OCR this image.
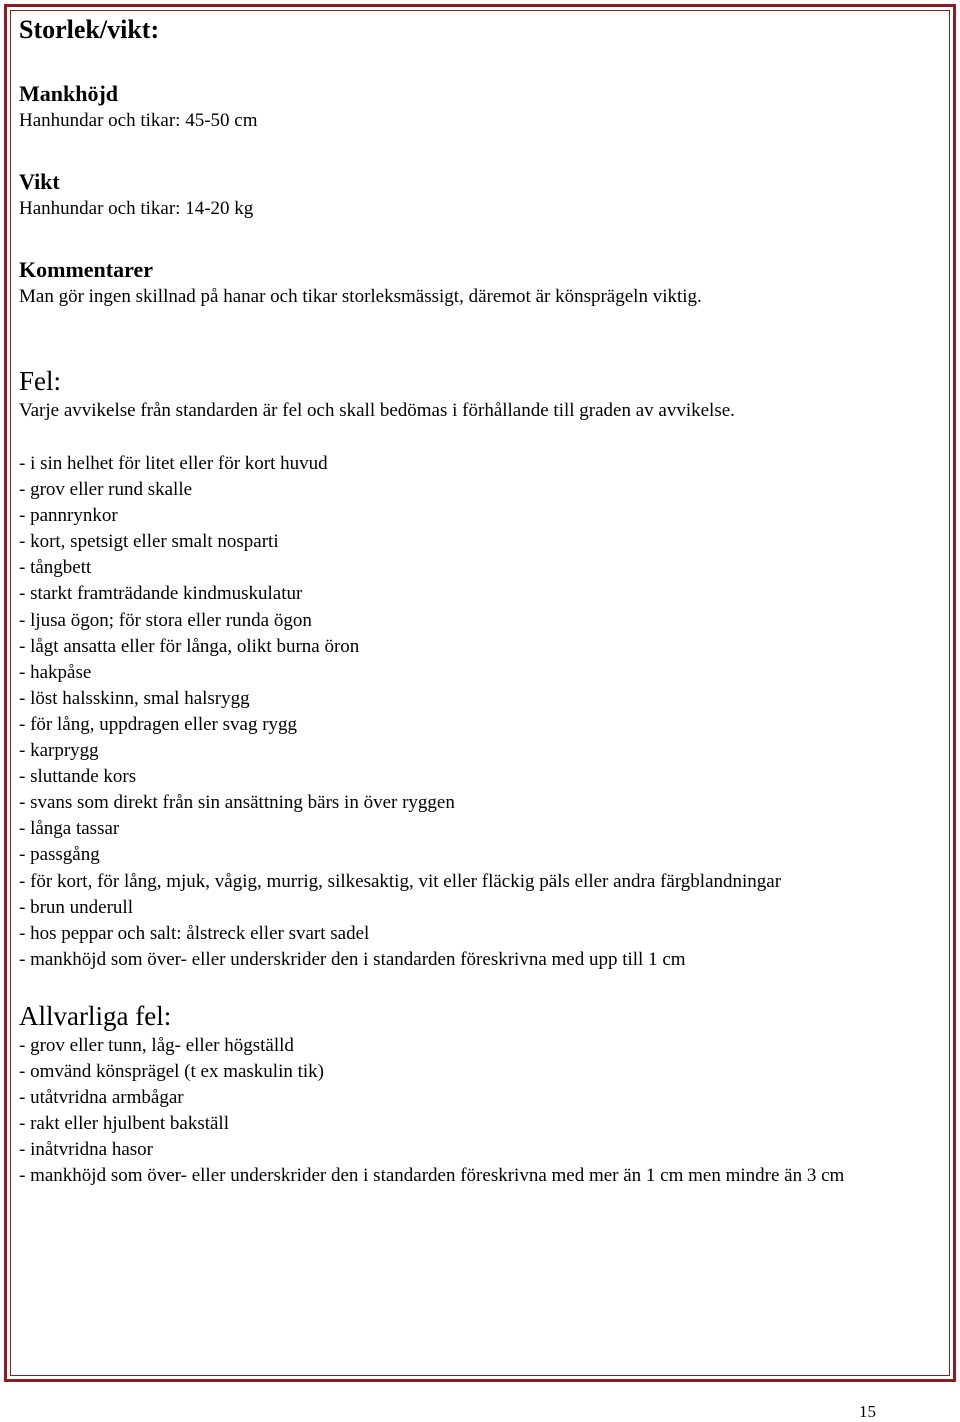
Storlek/vikt:
Mankhöjd

Hanhundar och tikar: 45-50 cm

Vikt

Hanhundar och tikar: 14-20 kg

Kommentarer

Man gör ingen skillnad på hanar och tikar storleksmässigt, däremot är könsprägeln viktig.

Fel:

Varje avvikelse från standarden är fel och skall bedömas i förhållande till graden av avvikelse.

- i sin helhet för litet eller för kort huvud
- grov eller rund skalle
- pannrynkor
- kort, spetsigt eller smalt nosparti
- tångbett
- starkt framträdande kindmuskulatur
- ljusa ögon; för stora eller runda ögon
- lågt ansatta eller för långa, olikt burna öron
- hakpåse
- löst halsskinn, smal halsrygg
- för lång, uppdragen eller svag rygg
- karprygg
- sluttande kors
- svans som direkt från sin ansättning bärs in över ryggen
- långa tassar
- passgång
- för kort, för lång, mjuk, vågig, murrig, silkesaktig, vit eller fläckig päls eller andra färgblandningar
- brun underull
- hos peppar och salt: ålstreck eller svart sadel
- mankhöjd som över- eller underskrider den i standarden föreskrivna med upp till 1 cm
Allvarliga fel:
- grov eller tunn, låg- eller högställd
- omvänd könsprägel (t ex maskulin tik)
- utåtvridna armbågar
- rakt eller hjulbent bakställ
- inåtvridna hasor
- mankhöjd som över- eller underskrider den i standarden föreskrivna med mer än 1 cm men mindre än 3 cm
15
